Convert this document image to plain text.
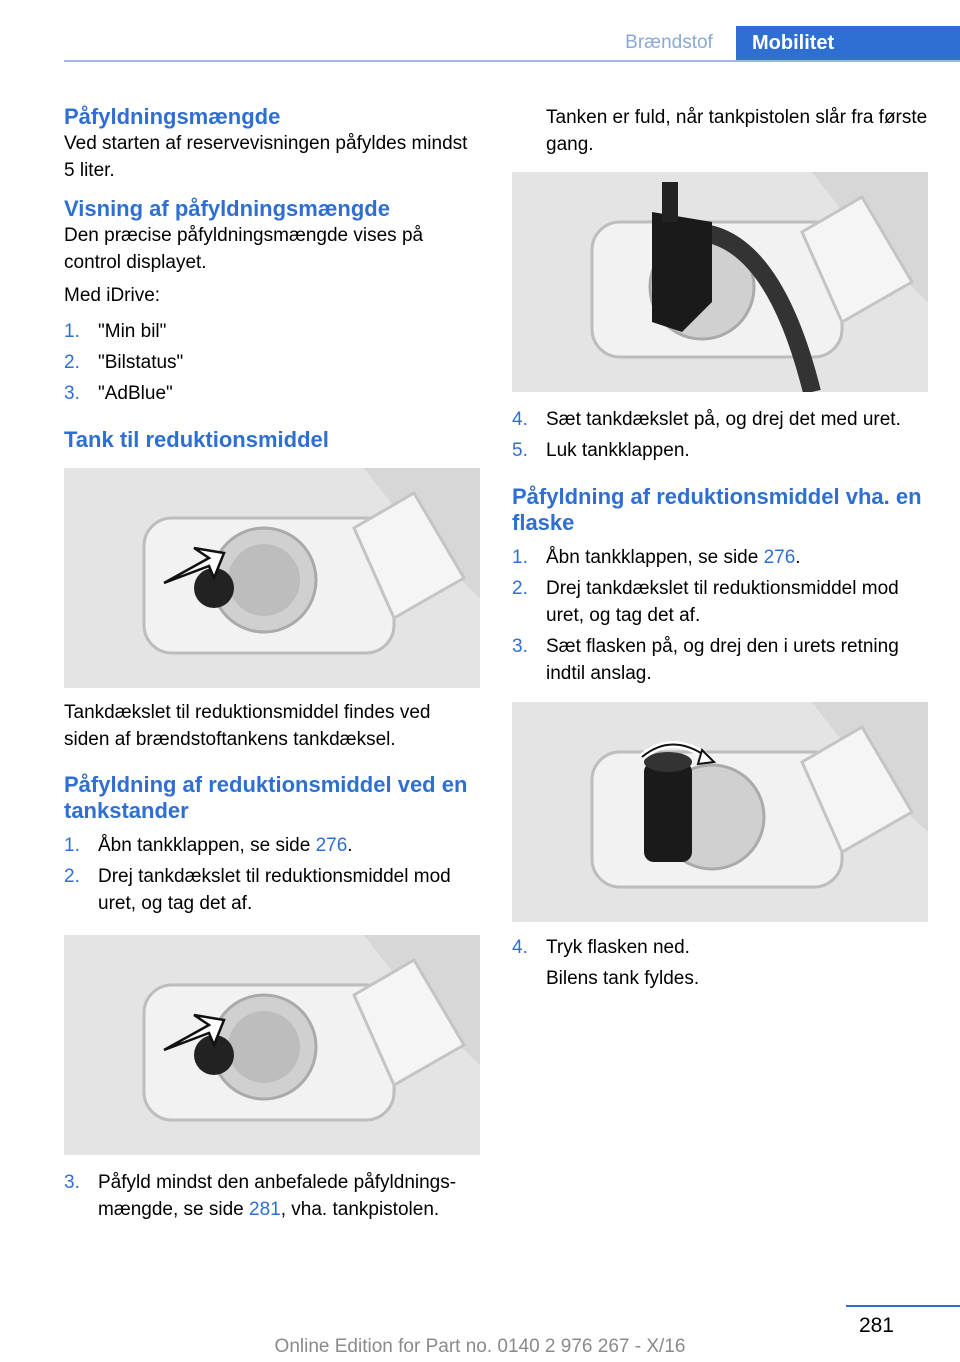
Brændstof	Mobilitet
Påfyldningsmængde

Ved starten af reservevisningen påfyldes mindst 5 liter.

Visning af påfyldningsmængde

Den præcise påfyldningsmængde vises på control displayet.

Med iDrive:

1. "Min bil"
2. "Bilstatus"
3. "AdBlue"
Tank til reduktionsmiddel

Tankdækslet til reduktionsmiddel findes ved siden af brændstoftankens tankdæksel.

Påfyldning af reduktionsmiddel ved en tankstander
1. Åbn tankklappen, se side 276.
2. Drej tankdækslet til reduktionsmiddel mod uret, og tag det af.
3. Påfyld mindst den anbefalede påfyldningsmængde, se side 281, vha. tankpistolen.

Tanken er fuld, når tankpistolen slår fra første gang.

4. Sæt tankdækslet på, og drej det med uret.
5. Luk tankklappen.
Påfyldning af reduktionsmiddel vha. en flaske
1. Åbn tankklappen, se side 276.
2. Drej tankdækslet til reduktionsmiddel mod uret, og tag det af.
3. Sæt flasken på, og drej den i urets retning indtil anslag.
4. Tryk flasken ned.

Bilens tank fyldes.

281
Online Edition for Part no. 0140 2 976 267 - X/16
